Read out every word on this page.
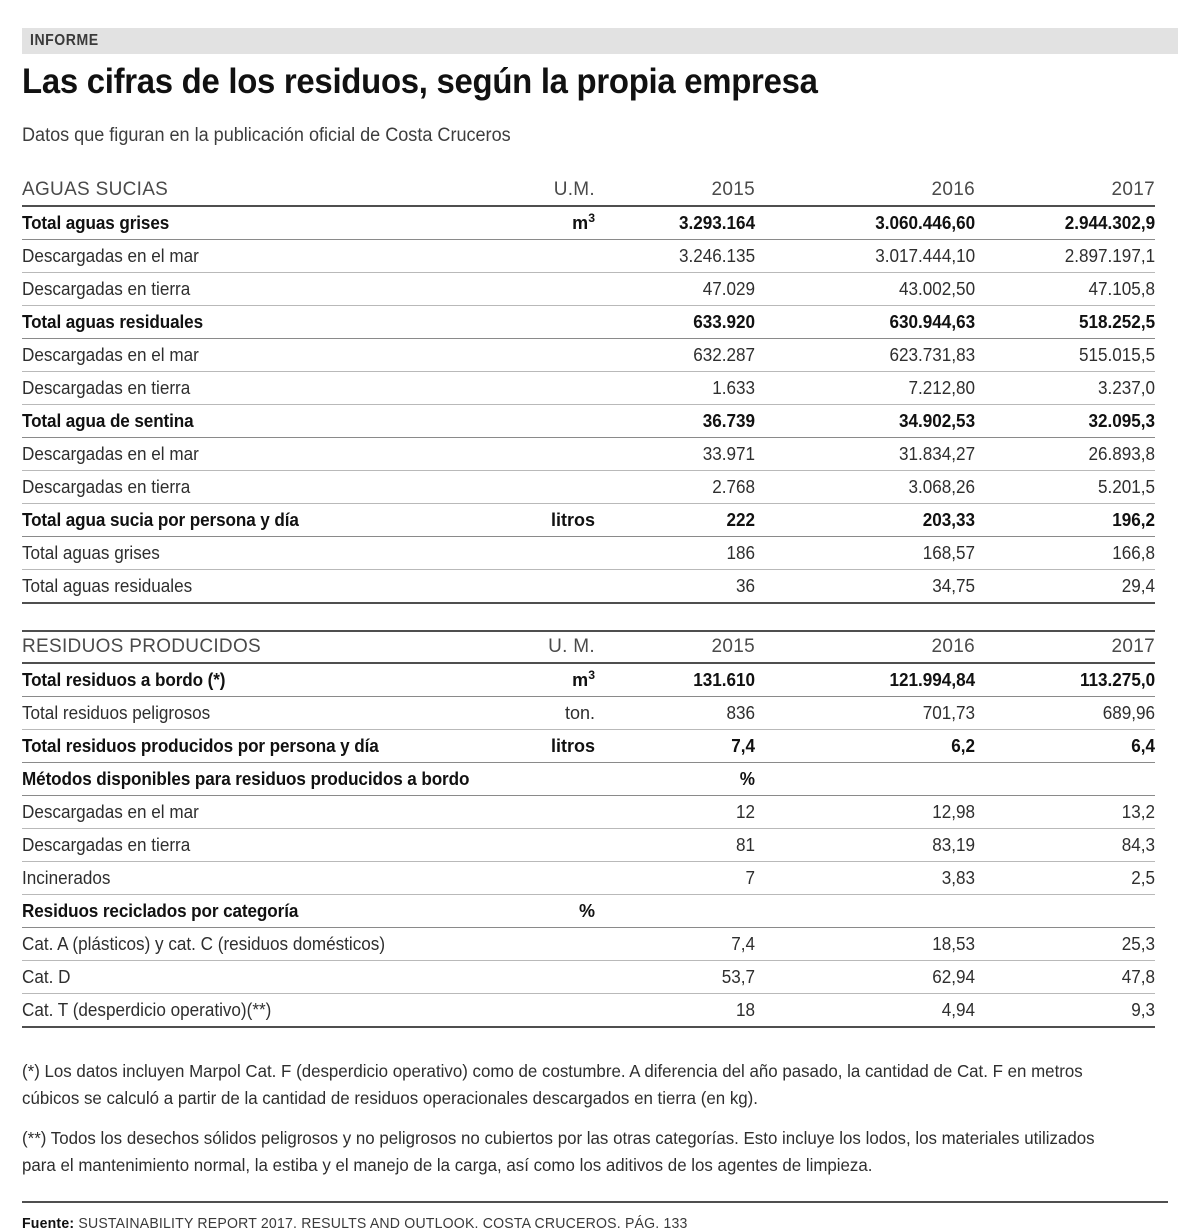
INFORME
Las cifras de los residuos, según la propia empresa

Datos que figuran en la publicación oficial de Costa Cruceros

AGUAS SUCIAS	U.M.	2015	2016	2017
Total aguas grises	$m^3$	3.293.164	3.060.446,60	2.944.302,9
Descargadas en el mar		3.246.135	3.017.444,10	2.897.197,1
Descargadas en tierra		47.029	43.002,50	47.105,8
Total aguas residuales		633.920	630.944,63	518.252,5
Descargadas en el mar		632.287	623.731,83	515.015,5
Descargadas en tierra		1.633	7.212,80	3.237,0
Total agua de sentina		36.739	34.902,53	32.095,3
Descargadas en el mar		33.971	31.834,27	26.893,8
Descargadas en tierra		2.768	3.068,26	5.201,5
Total agua sucia por persona y día	litros	222	203,33	196,2
Total aguas grises		186	168,57	166,8
Total aguas residuales		36	34,75	29,4
RESIDUOS PRODUCIDOS	U. M.	2015	2016	2017
Total residuos a bordo (*)	$m^3$	131.610	121.994,84	113.275,0
Total residuos peligrosos	ton.	836	701,73	689,96
Total residuos producidos por persona y día	litros	7,4	6,2	6,4
Métodos disponibles para residuos producidos a bordo		%		
Descargadas en el mar		12	12,98	13,2
Descargadas en tierra		81	83,19	84,3
Incinerados		7	3,83	2,5
Residuos reciclados por categoría	%			
Cat. A (plásticos) y cat. C (residuos domésticos)		7,4	18,53	25,3
Cat. D		53,7	62,94	47,8
Cat. T (desperdicio operativo)(**)		18	4,94	9,3

(*) Los datos incluyen Marpol Cat. F (desperdicio operativo) como de costumbre. A diferencia del año pasado, la cantidad de Cat. F en metros cúbicos se calculó a partir de la cantidad de residuos operacionales descargados en tierra (en kg).

(**) Todos los desechos sólidos peligrosos y no peligrosos no cubiertos por las otras categorías. Esto incluye los lodos, los materiales utilizados para el mantenimiento normal, la estiba y el manejo de la carga, así como los aditivos de los agentes de limpieza.

Fuente: SUSTAINABILITY REPORT 2017. RESULTS AND OUTLOOK. COSTA CRUCEROS. PÁG. 133
